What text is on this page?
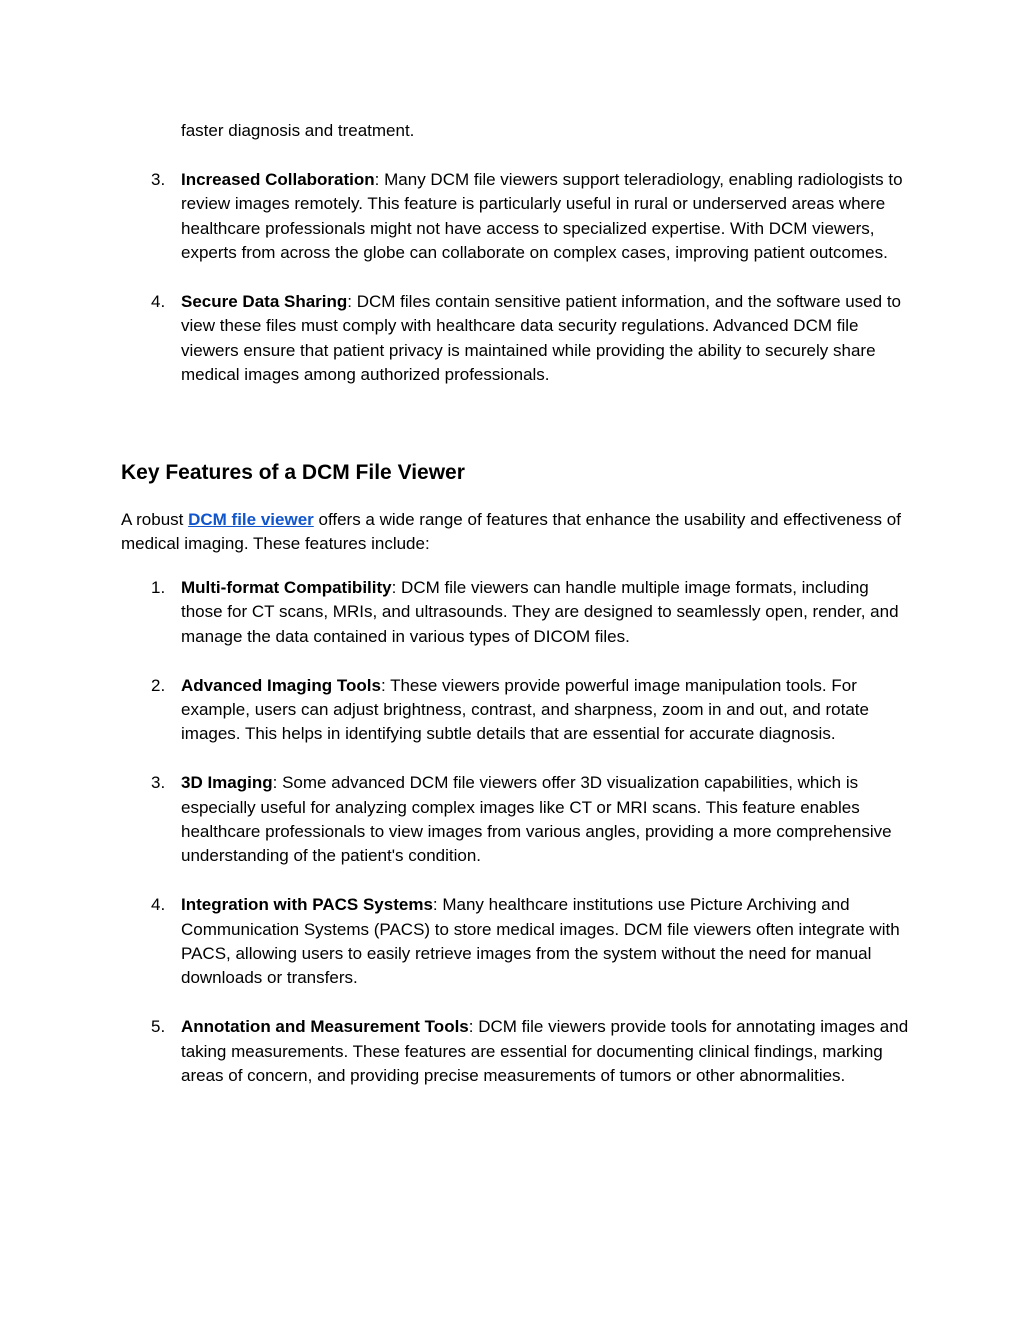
faster diagnosis and treatment.

3. Increased Collaboration: Many DCM file viewers support teleradiology, enabling radiologists to review images remotely. This feature is particularly useful in rural or underserved areas where healthcare professionals might not have access to specialized expertise. With DCM viewers, experts from across the globe can collaborate on complex cases, improving patient outcomes.
4. Secure Data Sharing: DCM files contain sensitive patient information, and the software used to view these files must comply with healthcare data security regulations. Advanced DCM file viewers ensure that patient privacy is maintained while providing the ability to securely share medical images among authorized professionals.
Key Features of a DCM File Viewer

A robust DCM file viewer offers a wide range of features that enhance the usability and effectiveness of medical imaging. These features include:

1. Multi-format Compatibility: DCM file viewers can handle multiple image formats, including those for CT scans, MRIs, and ultrasounds. They are designed to seamlessly open, render, and manage the data contained in various types of DICOM files.
2. Advanced Imaging Tools: These viewers provide powerful image manipulation tools. For example, users can adjust brightness, contrast, and sharpness, zoom in and out, and rotate images. This helps in identifying subtle details that are essential for accurate diagnosis.
3. 3D Imaging: Some advanced DCM file viewers offer 3D visualization capabilities, which is especially useful for analyzing complex images like CT or MRI scans. This feature enables healthcare professionals to view images from various angles, providing a more comprehensive understanding of the patient's condition.
4. Integration with PACS Systems: Many healthcare institutions use Picture Archiving and Communication Systems (PACS) to store medical images. DCM file viewers often integrate with PACS, allowing users to easily retrieve images from the system without the need for manual downloads or transfers.
5. Annotation and Measurement Tools: DCM file viewers provide tools for annotating images and taking measurements. These features are essential for documenting clinical findings, marking areas of concern, and providing precise measurements of tumors or other abnormalities.
